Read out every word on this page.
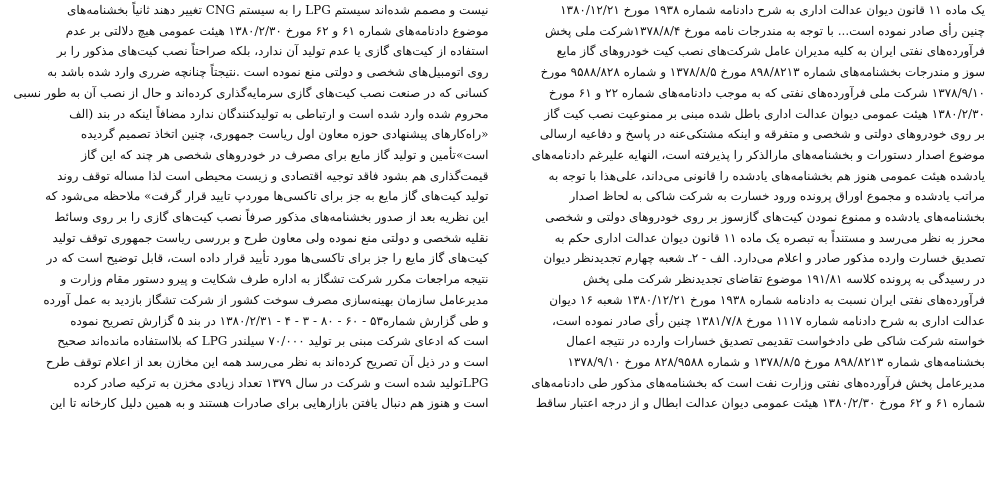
یک ماده ۱۱ قانون دیوان عدالت اداری به شرح دادنامه شماره ۱۹۳۸ مورخ ۱۳۸۰/۱۲/۲۱
چنین رأی صادر نموده است... با توجه به مندرجات نامه مورخ ۱۳۷۸/۸/۴شرکت ملی پخش
فرآورده‌های نفتی ایران به کلیه مدیران عامل شرکت‌های نصب کیت خودروهای گاز مایع
سوز و مندرجات بخشنامه‌های شماره ۸۹۸/۸۲۱۳ مورخ ۱۳۷۸/۸/۵ و شماره ۹۵۸۸/۸۲۸ مورخ
۱۳۷۸/۹/۱۰ شرکت ملی فرآورده‌های نفتی که به موجب دادنامه‌های شماره ۲۲ و ۶۱ مورخ
۱۳۸۰/۲/۳۰ هیئت عمومی دیوان عدالت اداری باطل شده مبنی بر ممنوعیت نصب کیت گاز
بر روی خودروهای دولتی و شخصی و متفرقه و اینکه مشتکی‌عنه در پاسخ و دفاعیه ارسالی
موضوع اصدار دستورات و بخشنامه‌های مارالذکر را پذیرفته است، النهایه علیرغم دادنامه‌های
یادشده هیئت عمومی هنوز هم بخشنامه‌های یادشده را قانونی می‌داند، علی‌هذا با توجه به
مراتب یادشده و مجموع اوراق پرونده ورود خسارت به شرکت شاکی به لحاظ اصدار
بخشنامه‌های یادشده و ممنوع نمودن کیت‌های گازسوز بر روی خودروهای دولتی و شخصی
محرز به نظر می‌رسد و مستنداً به تبصره یک ماده ۱۱ قانون دیوان عدالت اداری حکم به
تصدیق خسارت وارده مذکور صادر و اعلام می‌دارد. الف - ۲ـ شعبه چهارم تجدیدنظر دیوان
در رسیدگی به پرونده کلاسه ۱۹۱/۸۱ موضوع تقاضای تجدیدنظر شرکت ملی پخش
فرآورده‌های نفتی ایران نسبت به دادنامه شماره ۱۹۳۸ مورخ ۱۳۸۰/۱۲/۲۱ شعبه ۱۶ دیوان
عدالت اداری به شرح دادنامه شماره ۱۱۱۷ مورخ ۱۳۸۱/۷/۸ چنین رأی صادر نموده است،
خواسته شرکت شاکی طی دادخواست تقدیمی تصدیق خسارات وارده در نتیجه اعمال
بخشنامه‌های شماره ۸۹۸/۸۲۱۳ مورخ ۱۳۷۸/۸/۵ و شماره ۸۲۸/۹۵۸۸ مورخ ۱۳۷۸/۹/۱۰
مدیرعامل پخش فرآورده‌های نفتی وزارت نفت است که بخشنامه‌های مذکور طی دادنامه‌های
شماره ۶۱ و ۶۲ مورخ ۱۳۸۰/۲/۳۰ هیئت عمومی دیوان عدالت ابطال و از درجه اعتبار ساقط
نیست و مصمم شده‌اند سیستم LPG را به سیستم CNG تغییر دهند ثانیاً بخشنامه‌های
موضوع دادنامه‌های شماره ۶۱ و ۶۲ مورخ ۱۳۸۰/۲/۳۰ هیئت عمومی هیچ دلالتی بر عدم
استفاده از کیت‌های گازی یا عدم تولید آن ندارد، بلکه صراحتاً نصب کیت‌های مذکور را بر
روی اتومبیل‌های شخصی و دولتی منع نموده است .نتیجتاً چنانچه ضرری وارد شده باشد به
کسانی که در صنعت نصب کیت‌های گازی سرمایه‌گذاری کرده‌اند و حال از نصب آن به طور نسبی
محروم شده وارد شده است و ارتباطی به تولیدکنندگان ندارد مضافاً اینکه در بند (الف
«راه‌کارهای پیشنهادی حوزه معاون اول ریاست جمهوری، چنین اتخاذ تصمیم گردیده
است»تأمین و تولید گاز مایع برای مصرف در خودروهای شخصی هر چند که این گاز
قیمت‌گذاری هم بشود فاقد توجیه اقتصادی و زیست محیطی است لذا مساله توقف روند
تولید کیت‌های گاز مایع به جز برای تاکسی‌ها موردپ تایید قرار گرفت» ملاحظه می‌شود که
این نظریه بعد از صدور بخشنامه‌های مذکور صرفاً نصب کیت‌های گازی را بر روی وسائط
نقلیه شخصی و دولتی منع نموده ولی معاون طرح و بررسی ریاست جمهوری توقف تولید
کیت‌های گاز مایع را جز برای تاکسی‌ها مورد تأیید قرار داده است، قابل توضیح است که در
نتیجه مراجعات مکرر شرکت تشگاز به اداره طرف شکایت و پیرو دستور مقام وزارت و
مدیرعامل سازمان بهینه‌سازی مصرف سوخت کشور از شرکت تشگاز بازدید به عمل آورده
و طی گزارش شماره۵۳ - ۶۰ - ۸۰ - ۳ - ۴ - ۱۳۸۰/۲/۳۱ در بند ۵ گزارش تصریح نموده
است که ادعای شرکت مبنی بر تولید ۷۰/۰۰۰ سیلندر LPG که بلااستفاده مانده‌اند صحیح
است و در ذیل آن تصریح کرده‌اند به نظر می‌رسد همه این مخازن بعد از اعلام توقف طرح
LPGتولید شده است و شرکت در سال ۱۳۷۹ تعداد زیادی مخزن به ترکیه صادر کرده
است و هنوز هم دنبال یافتن بازارهایی برای صادرات هستند و به همین دلیل کارخانه تا این
